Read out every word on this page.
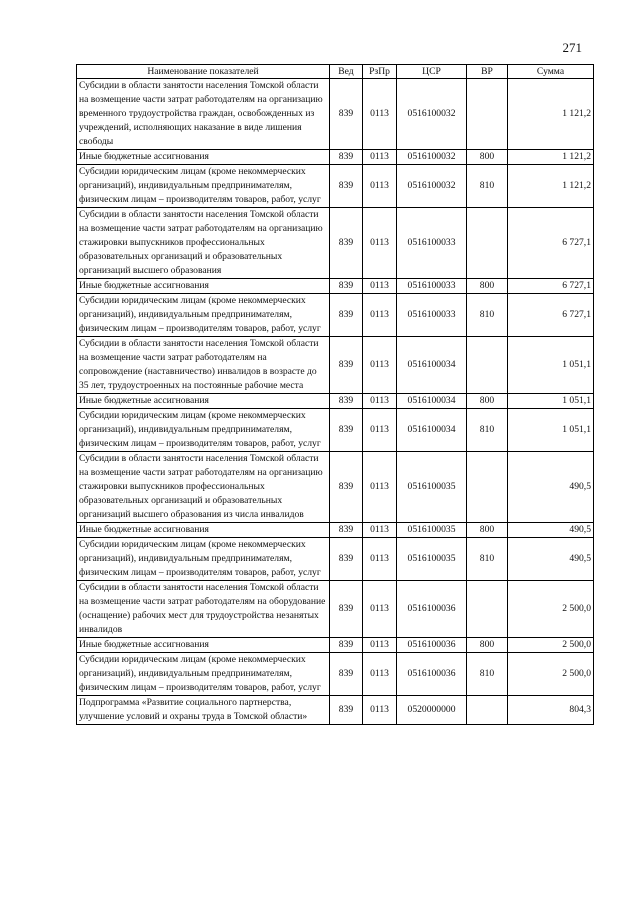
271
Наименование показателей	Вед	РзПр	ЦСР	ВР	Сумма
Субсидии в области занятости населения Томской области на возмещение части затрат работодателям на организацию временного трудоустройства граждан, освобожденных из учреждений, исполняющих наказание в виде лишения свободы	839	0113	0516100032		1 121,2
Иные бюджетные ассигнования	839	0113	0516100032	800	1 121,2
Субсидии юридическим лицам (кроме некоммерческих организаций), индивидуальным предпринимателям, физическим лицам – производителям товаров, работ, услуг	839	0113	0516100032	810	1 121,2
Субсидии в области занятости населения Томской области на возмещение части затрат работодателям на организацию стажировки выпускников профессиональных образовательных организаций и образовательных организаций высшего образования	839	0113	0516100033		6 727,1
Иные бюджетные ассигнования	839	0113	0516100033	800	6 727,1
Субсидии юридическим лицам (кроме некоммерческих организаций), индивидуальным предпринимателям, физическим лицам – производителям товаров, работ, услуг	839	0113	0516100033	810	6 727,1
Субсидии в области занятости населения Томской области на возмещение части затрат работодателям на сопровождение (наставничество) инвалидов в возрасте до 35 лет, трудоустроенных на постоянные рабочие места	839	0113	0516100034		1 051,1
Иные бюджетные ассигнования	839	0113	0516100034	800	1 051,1
Субсидии юридическим лицам (кроме некоммерческих организаций), индивидуальным предпринимателям, физическим лицам – производителям товаров, работ, услуг	839	0113	0516100034	810	1 051,1
Субсидии в области занятости населения Томской области на возмещение части затрат работодателям на организацию стажировки выпускников профессиональных образовательных организаций и образовательных организаций высшего образования из числа инвалидов	839	0113	0516100035		490,5
Иные бюджетные ассигнования	839	0113	0516100035	800	490,5
Субсидии юридическим лицам (кроме некоммерческих организаций), индивидуальным предпринимателям, физическим лицам – производителям товаров, работ, услуг	839	0113	0516100035	810	490,5
Субсидии в области занятости населения Томской области на возмещение части затрат работодателям на оборудование (оснащение) рабочих мест для трудоустройства незанятых инвалидов	839	0113	0516100036		2 500,0
Иные бюджетные ассигнования	839	0113	0516100036	800	2 500,0
Субсидии юридическим лицам (кроме некоммерческих организаций), индивидуальным предпринимателям, физическим лицам – производителям товаров, работ, услуг	839	0113	0516100036	810	2 500,0
Подпрограмма «Развитие социального партнерства, улучшение условий и охраны труда в Томской области»	839	0113	0520000000		804,3
